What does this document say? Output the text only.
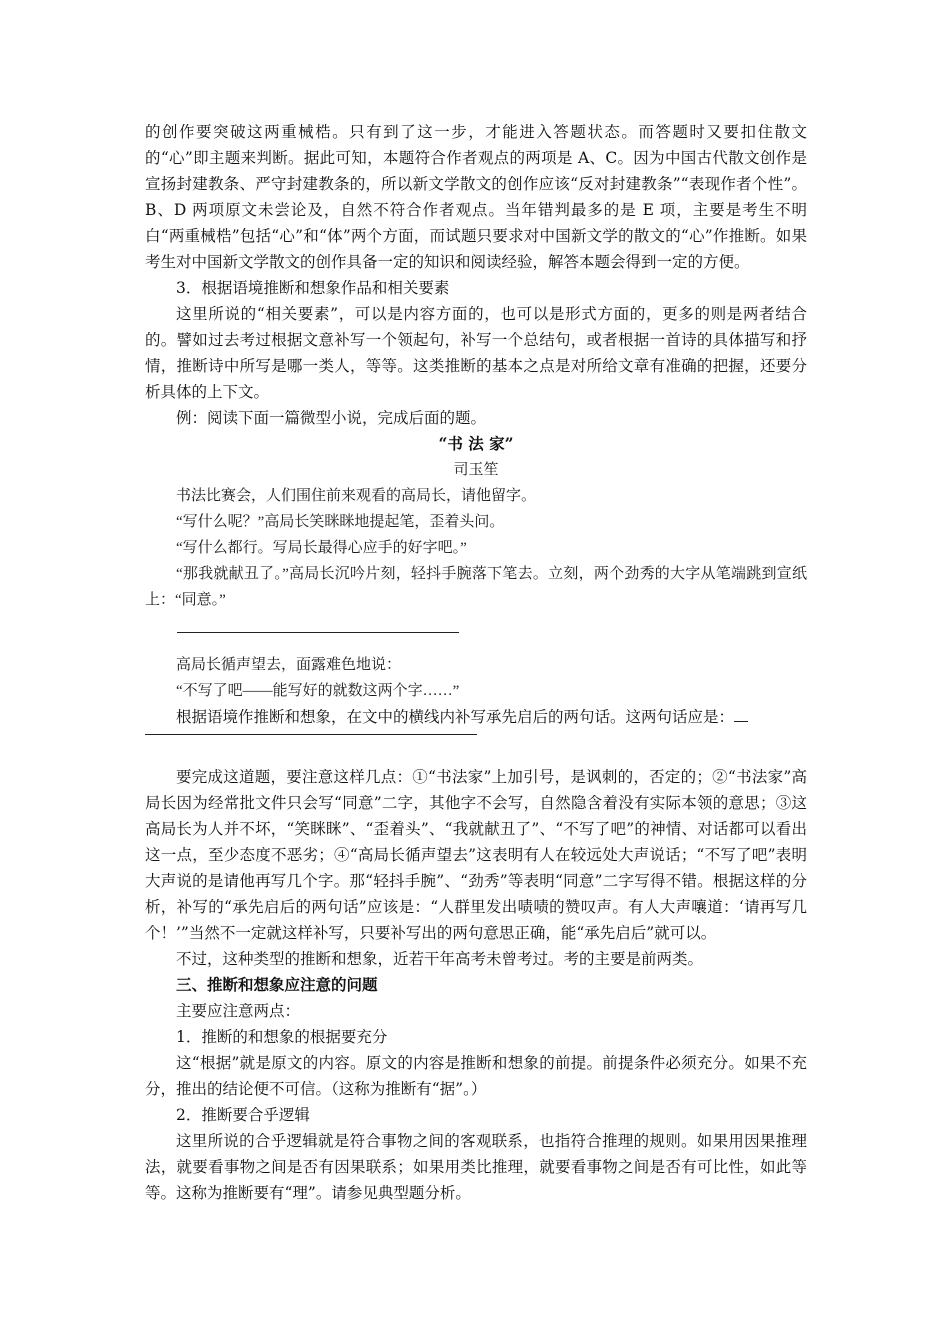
的创作要突破这两重械梏。只有到了这一步，才能进入答题状态。而答题时又要扣住散文的“心”即主题来判断。据此可知，本题符合作者观点的两项是 A、C。因为中国古代散文创作是宣扬封建教条、严守封建教条的，所以新文学散文的创作应该“反对封建教条”“表现作者个性”。B、D 两项原文未尝论及，自然不符合作者观点。当年错判最多的是 E 项，主要是考生不明白“两重械梏”包括“心”和“体”两个方面，而试题只要求对中国新文学的散文的“心”作推断。如果考生对中国新文学散文的创作具备一定的知识和阅读经验，解答本题会得到一定的方便。

3．根据语境推断和想象作品和相关要素

这里所说的“相关要素”，可以是内容方面的，也可以是形式方面的，更多的则是两者结合的。譬如过去考过根据文意补写一个领起句，补写一个总结句，或者根据一首诗的具体描写和抒情，推断诗中所写是哪一类人，等等。这类推断的基本之点是对所给文章有准确的把握，还要分析具体的上下文。

例：阅读下面一篇微型小说，完成后面的题。

“书 法 家”

司玉笙

书法比赛会，人们围住前来观看的高局长，请他留字。

“写什么呢？”高局长笑眯眯地提起笔，歪着头问。

“写什么都行。写局长最得心应手的好字吧。”

“那我就献丑了。”高局长沉吟片刻，轻抖手腕落下笔去。立刻，两个劲秀的大字从笔端跳到宣纸上：“同意。”

高局长循声望去，面露难色地说：

“不写了吧——能写好的就数这两个字……”

根据语境作推断和想象，在文中的横线内补写承先启后的两句话。这两句话应是：

要完成这道题，要注意这样几点：①“书法家”上加引号，是讽刺的，否定的；②“书法家”高局长因为经常批文件只会写“同意”二字，其他字不会写，自然隐含着没有实际本领的意思；③这高局长为人并不坏，“笑眯眯”、“歪着头”、“我就献丑了”、“不写了吧”的神情、对话都可以看出这一点，至少态度不恶劣；④“高局长循声望去”这表明有人在较远处大声说话；“不写了吧”表明大声说的是请他再写几个字。那“轻抖手腕”、“劲秀”等表明“同意”二字写得不错。根据这样的分析，补写的“承先启后的两句话”应该是：“人群里发出啧啧的赞叹声。有人大声嚷道：‘请再写几个！’”当然不一定就这样补写，只要补写出的两句意思正确，能“承先启后”就可以。

不过，这种类型的推断和想象，近若干年高考未曾考过。考的主要是前两类。

三、推断和想象应注意的问题

主要应注意两点：

1．推断的和想象的根据要充分

这“根据”就是原文的内容。原文的内容是推断和想象的前提。前提条件必须充分。如果不充分，推出的结论便不可信。（这称为推断有“据”。）

2．推断要合乎逻辑

这里所说的合乎逻辑就是符合事物之间的客观联系，也指符合推理的规则。如果用因果推理法，就要看事物之间是否有因果联系；如果用类比推理，就要看事物之间是否有可比性，如此等等。这称为推断要有“理”。请参见典型题分析。
